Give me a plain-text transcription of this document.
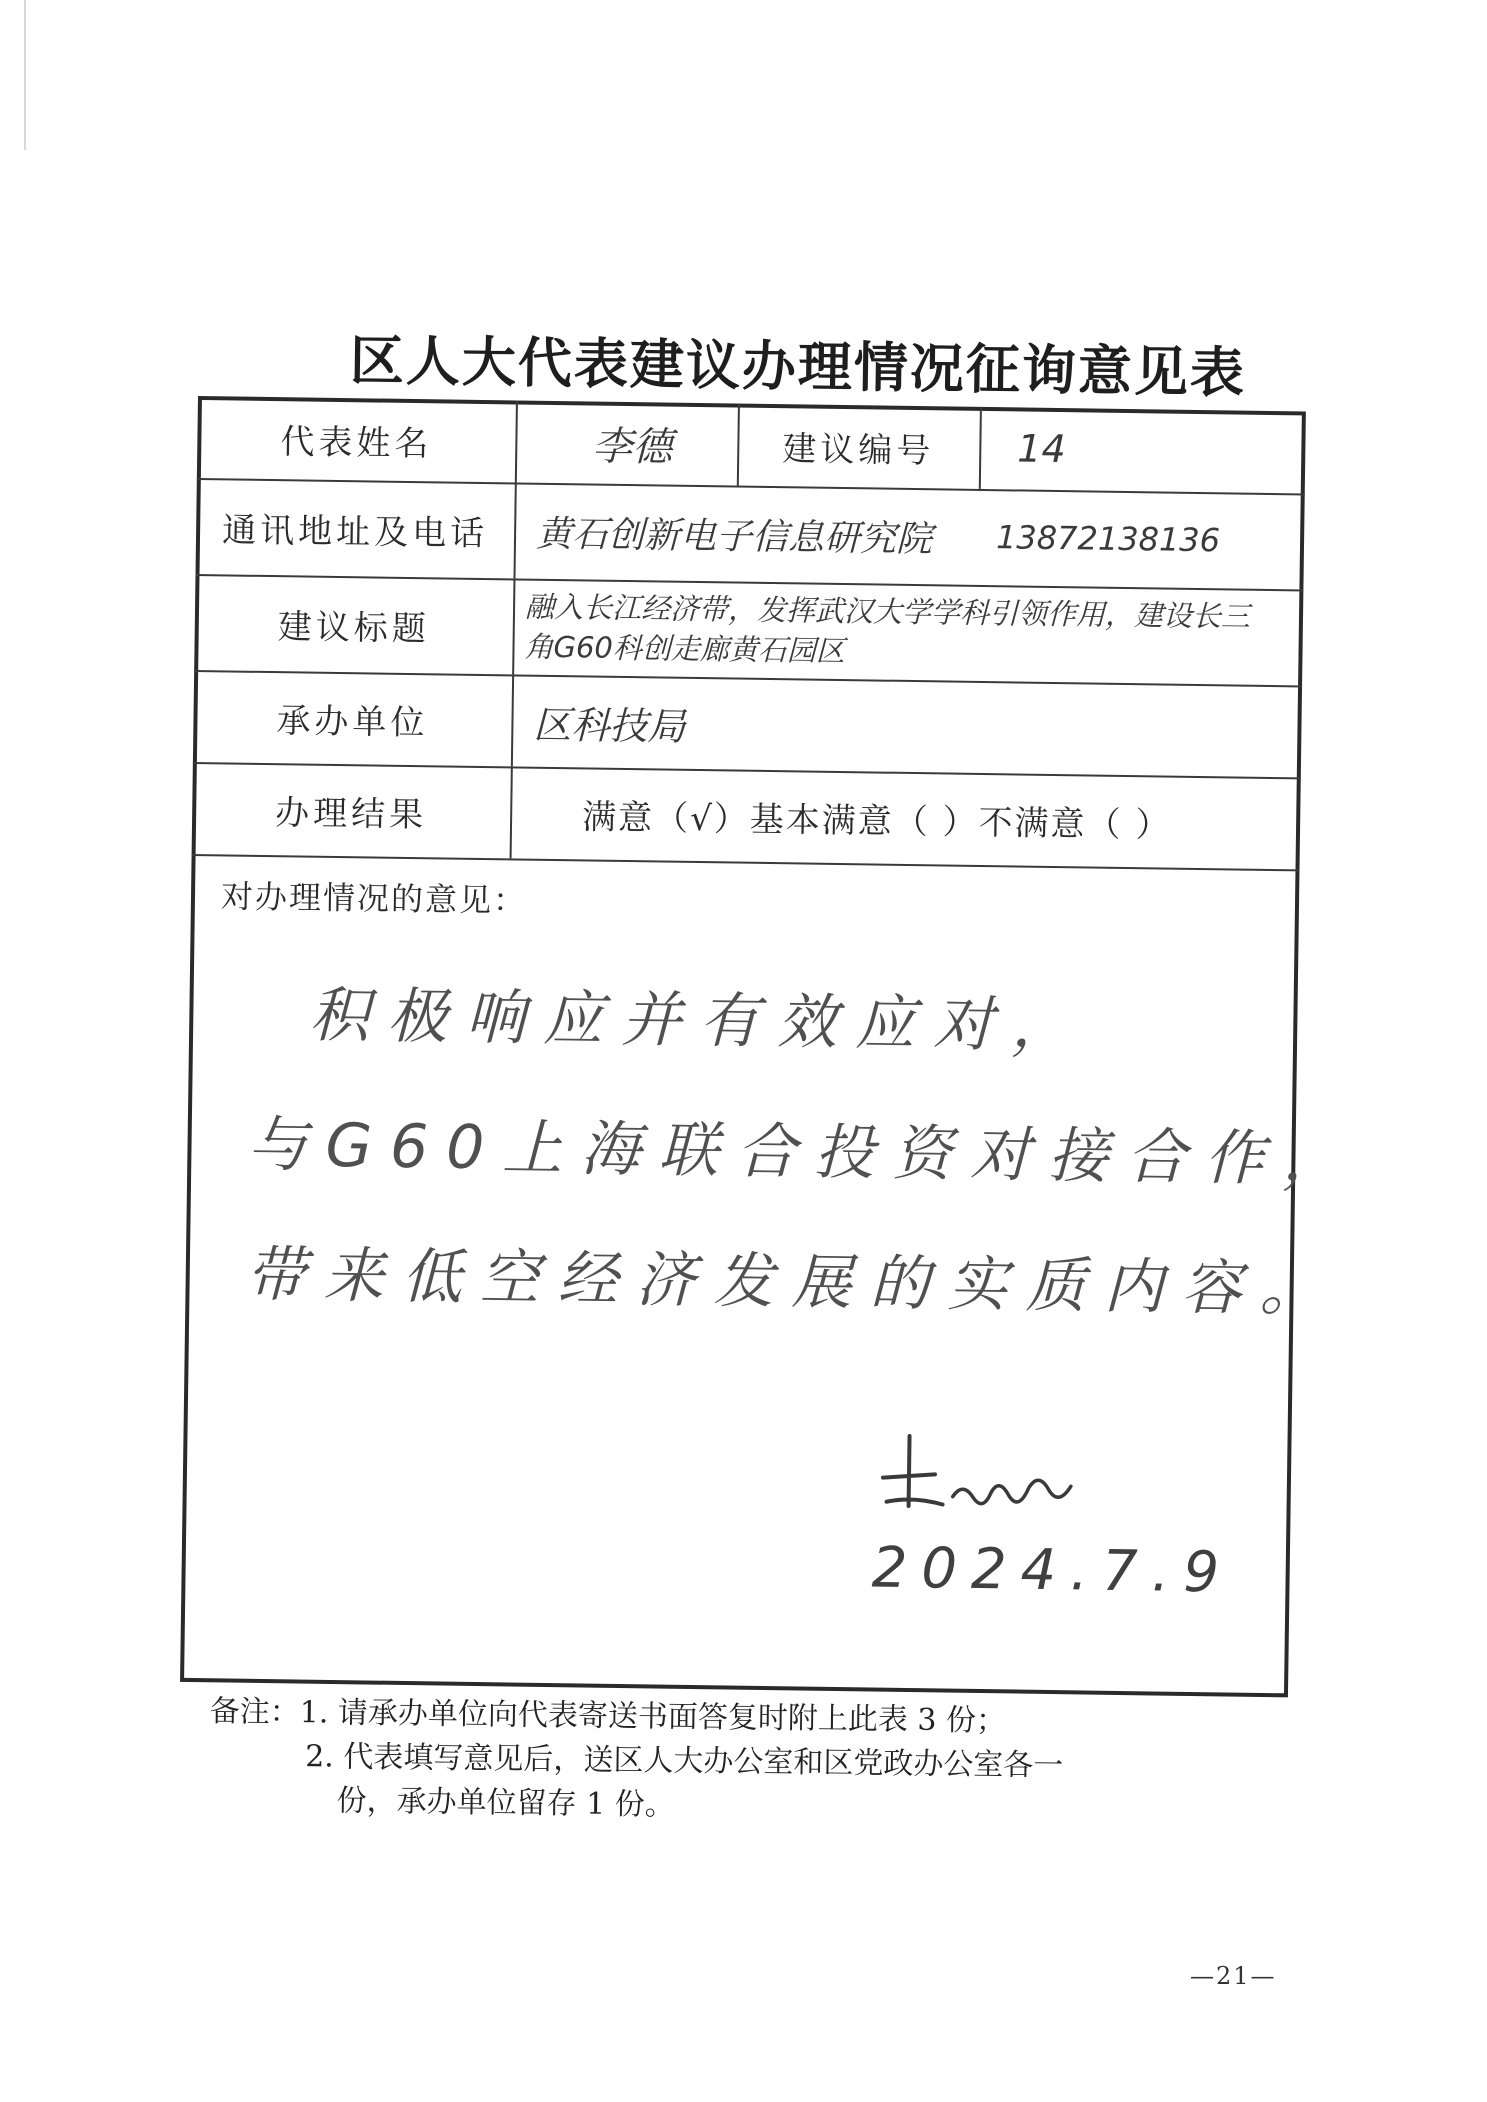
区人大代表建议办理情况征询意见表
代表姓名	李德	建议编号	14
通讯地址及电话	黄石创新电子信息研究院 13872138136
建议标题	融入长江经济带，发挥武汉大学学科引领作用，建设长三
角G60科创走廊黄石园区
承办单位	区科技局
办理结果	满意（√）基本满意（ ）不满意（ ）
对办理情况的意见：
积极响应并有效应对，
与G60上海联合投资对接合作，
带来低空经济发展的实质内容。
2024.7.9
备注：1. 请承办单位向代表寄送书面答复时附上此表 3 份；
2. 代表填写意见后，送区人大办公室和区党政办公室各一
份，承办单位留存 1 份。
—21—
